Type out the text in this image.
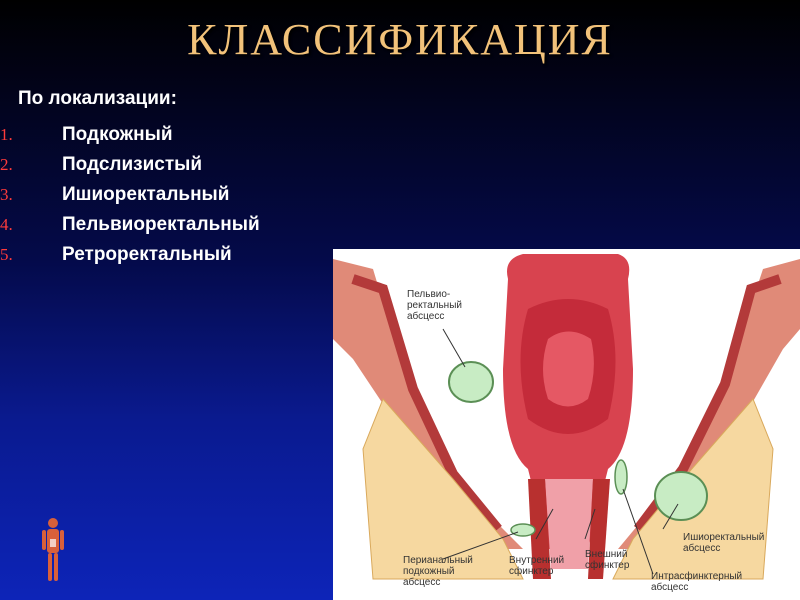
КЛАССИФИКАЦИЯ
По локализации:
1.	Подкожный
2.	Подслизистый
3.	Ишиоректальный
4.	Пельвиоректальный
5.	Ретроректальный
Пельвио-
ректальный
абсцесс
Перианальный
подкожный
абсцесс
Внутренний
сфинктер
Внешний
сфинктер
Ишиоректальный
абсцесс
Интрасфинктерный
абсцесс
